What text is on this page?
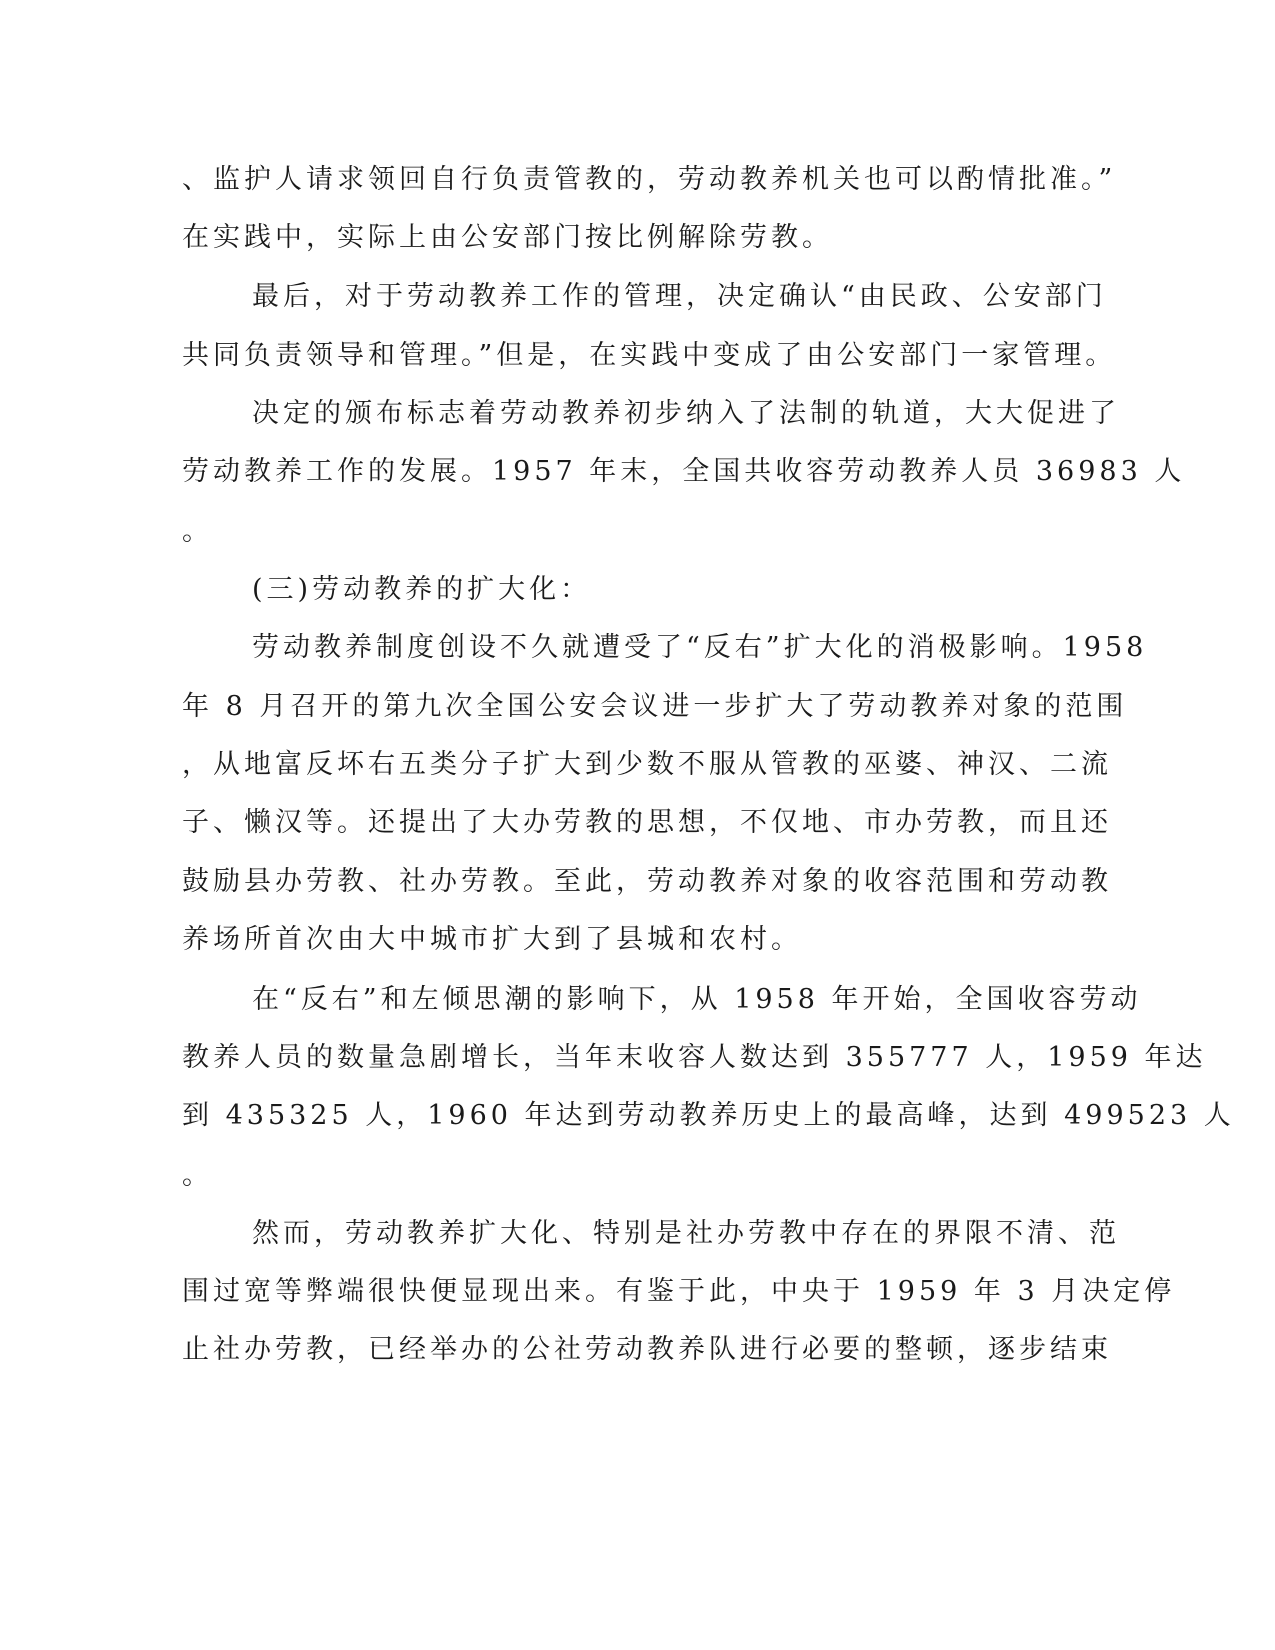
、监护人请求领回自行负责管教的，劳动教养机关也可以酌情批准。”
在实践中，实际上由公安部门按比例解除劳教。
最后，对于劳动教养工作的管理，决定确认“由民政、公安部门
共同负责领导和管理。”但是，在实践中变成了由公安部门一家管理。
决定的颁布标志着劳动教养初步纳入了法制的轨道，大大促进了
劳动教养工作的发展。1957 年末，全国共收容劳动教养人员 36983 人
。
(三)劳动教养的扩大化：
劳动教养制度创设不久就遭受了“反右”扩大化的消极影响。1958
年 8 月召开的第九次全国公安会议进一步扩大了劳动教养对象的范围
，从地富反坏右五类分子扩大到少数不服从管教的巫婆、神汉、二流
子、懒汉等。还提出了大办劳教的思想，不仅地、市办劳教，而且还
鼓励县办劳教、社办劳教。至此，劳动教养对象的收容范围和劳动教
养场所首次由大中城市扩大到了县城和农村。
在“反右”和左倾思潮的影响下，从 1958 年开始，全国收容劳动
教养人员的数量急剧增长，当年末收容人数达到 355777 人，1959 年达
到 435325 人，1960 年达到劳动教养历史上的最高峰，达到 499523 人
。
然而，劳动教养扩大化、特别是社办劳教中存在的界限不清、范
围过宽等弊端很快便显现出来。有鉴于此，中央于 1959 年 3 月决定停
止社办劳教，已经举办的公社劳动教养队进行必要的整顿，逐步结束
